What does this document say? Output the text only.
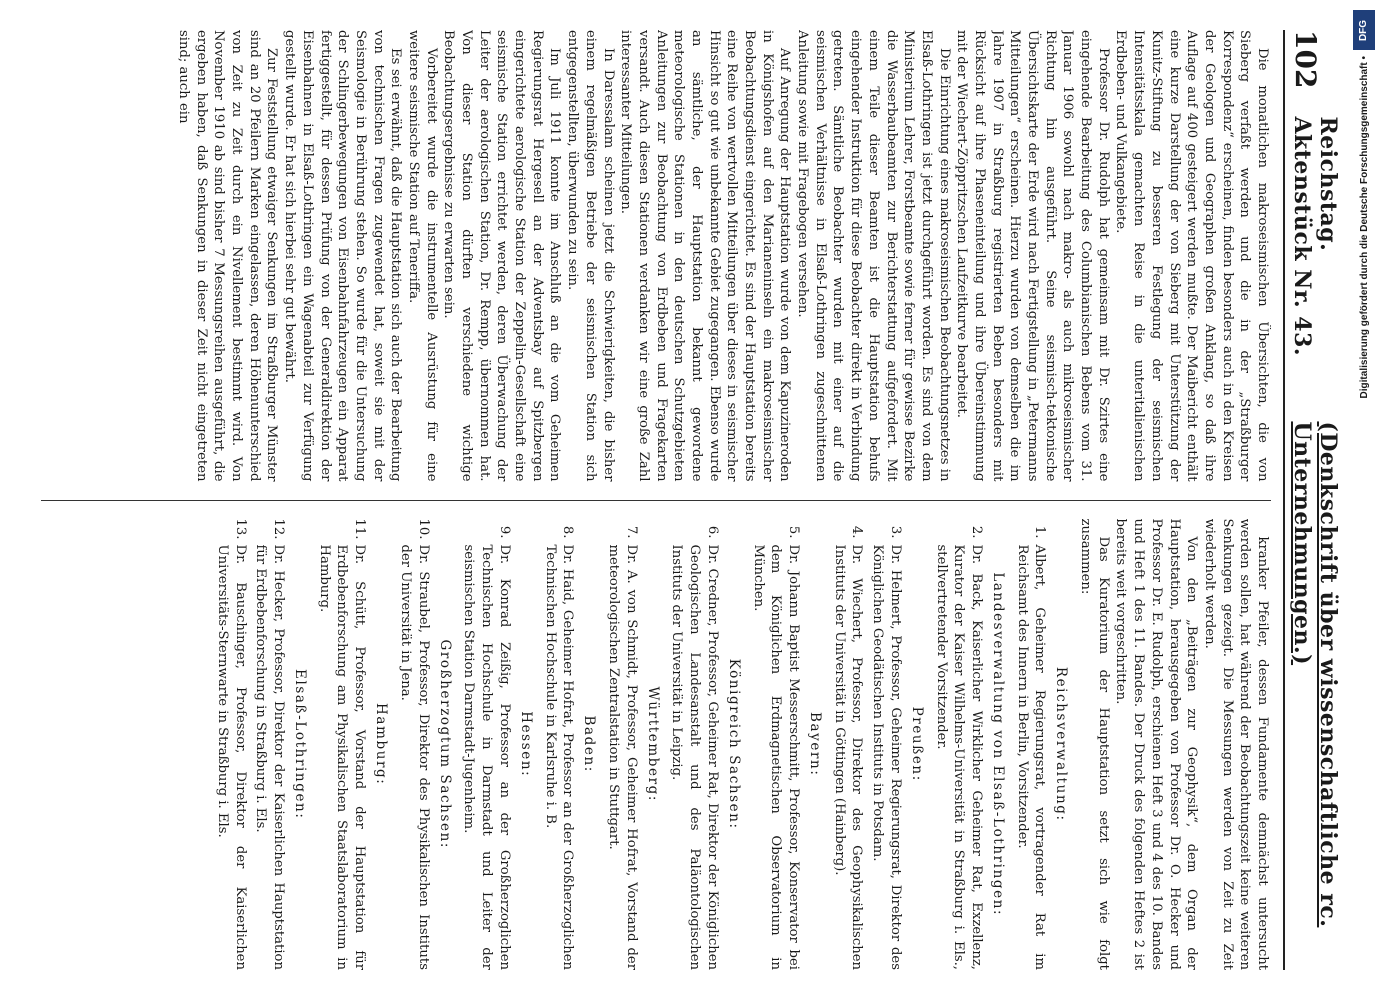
102
Reichstag. Aktenstück Nr. 43.
(Denkschrift über wissenschaftliche rc. Unternehmungen.)

Die monatlichen makroseismischen Übersichten, die von Sieberg verfaßt werden und die in der „Straßburger Korrespondenz“ erscheinen, finden besonders auch in den Kreisen der Geologen und Geographen großen Anklang, so daß ihre Auflage auf 400 gesteigert werden mußte. Der Maibericht enthält eine kurze Darstellung der von Sieberg mit Unterstützung der Kunitz-Stiftung zu besseren Festlegung der seismischen Intensitätsskala gemachten Reise in die unteritalienischen Erdbeben- und Vulkangebiete.

Professor Dr. Rudolph hat gemeinsam mit Dr. Szirtes eine eingehende Bearbeitung des Columbianischen Bebens vom 31. Januar 1906 sowohl nach makro- als auch mikroseismischer Richtung hin ausgeführt. Seine seismisch-tektonische Übersichtskarte der Erde wird nach Fertigstellung in „Petermanns Mitteilungen“ erscheinen. Hierzu wurden von demselben die im Jahre 1907 in Straßburg registrierten Beben besonders mit Rücksicht auf ihre Phaseneinteilung und ihre Übereinstimmung mit der Wiechert-Zöppritzschen Laufzeitkurve bearbeitet.

Die Einrichtung eines makroseismischen Beobachtungsnetzes in Elsaß-Lothringen ist jetzt durchgeführt worden. Es sind von dem Ministerium Lehrer, Forstbeamte sowie ferner für gewisse Bezirke die Wasserbaubeamten zur Berichterstattung aufgefordert. Mit einem Teile dieser Beamten ist die Hauptstation behufs eingehender Instruktion für diese Beobachter direkt in Verbindung getreten. Sämtliche Beobachter wurden mit einer auf die seismischen Verhältnisse in Elsaß-Lothringen zugeschnittenen Anleitung sowie mit Fragebogen versehen.

Auf Anregung der Hauptstation wurde von dem Kapuzineroden in Königshofen auf den Marianeninseln ein makroseismischer Beobachtungsdienst eingerichtet. Es sind der Hauptstation bereits eine Reihe von wertvollen Mitteilungen über dieses in seismischer Hinsicht so gut wie unbekannte Gebiet zugegangen. Ebenso wurde an sämtliche, der Hauptstation bekannt gewordene meteorologische Stationen in den deutschen Schutzgebieten Anleitungen zur Beobachtung von Erdbeben und Fragekarten versandt. Auch diesen Stationen verdanken wir eine große Zahl interessanter Mitteilungen.

In Daressalam scheinen jetzt die Schwierigkeiten, die bisher einem regelmäßigen Betriebe der seismischen Station sich entgegenstellten, überwunden zu sein.

Im Juli 1911 konnte im Anschluß an die vom Geheimen Regierungsrat Hergesell an der Adventsbay auf Spitzbergen eingerichtete aerologische Station der Zeppelin-Gesellschaft eine seismische Station errichtet werden, deren Überwachung der Leiter der aerologischen Station, Dr. Rempp, übernommen hat. Von dieser Station dürften verschiedene wichtige Beobachtungsergebnisse zu erwarten sein.

Vorbereitet wurde die instrumentelle Ausrüstung für eine weitere seismische Station auf Teneriffa.

Es sei erwähnt, daß die Hauptstation sich auch der Bearbeitung von technischen Fragen zugewendet hat, soweit sie mit der Seismologie in Berührung stehen. So wurde für die Untersuchung der Schlingerbewegungen von Eisenbahnfahrzeugen ein Apparat fertiggestellt, für dessen Prüfung von der Generaldirektion der Eisenbahnen in Elsaß-Lothringen ein Wagenabteil zur Verfügung gestellt wurde. Er hat sich hierbei sehr gut bewährt.

Zur Feststellung etwaiger Senkungen im Straßburger Münster sind an 20 Pfeilern Marken eingelassen, deren Höhenunterschied von Zeit zu Zeit durch ein Nivellement bestimmt wird. Von November 1910 ab sind bisher 7 Messungsreihen ausgeführt, die ergeben haben, daß Senkungen in dieser Zeit nicht eingetreten sind; auch ein

kranker Pfeiler, dessen Fundamente demnächst untersucht werden sollen, hat während der Beobachtungszeit keine weiteren Senkungen gezeigt. Die Messungen werden von Zeit zu Zeit wiederholt werden.

Von den „Beiträgen zur Geophysik“, dem Organ der Hauptstation, herausgegeben von Professor Dr. O. Hecker und Professor Dr. E. Rudolph, erschienen Heft 3 und 4 des 10. Bandes und Heft 1 des 11. Bandes. Der Druck des folgenden Heftes 2 ist bereits weit vorgeschritten.

Das Kuratorium der Hauptstation setzt sich wie folgt zusammen:

Reichsverwaltung:
1.
Albert, Geheimer Regierungsrat, vortragender Rat im Reichsamt des Innern in Berlin, Vorsitzender.
Landesverwaltung von Elsaß-Lothringen:
2.
Dr. Back, Kaiserlicher Wirklicher Geheimer Rat, Exzellenz, Kurator der Kaiser Wilhelms-Universität in Straßburg i. Els., stellvertretender Vorsitzender.
Preußen:
3.
Dr. Helmert, Professor, Geheimer Regierungsrat, Direktor des Königlichen Geodätischen Instituts in Potsdam.
4.
Dr. Wiechert, Professor, Direktor des Geophysikalischen Instituts der Universität in Göttingen (Hainberg).
Bayern:
5.
Dr. Johann Baptist Messerschmitt, Professor, Konservator bei dem Königlichen Erdmagnetischen Observatorium in München.
Königreich Sachsen:
6.
Dr. Credner, Professor, Geheimer Rat, Direktor der Königlichen Geologischen Landesanstalt und des Paläontologischen Instituts der Universität in Leipzig.
Württemberg:
7.
Dr. A. von Schmidt, Professor, Geheimer Hofrat, Vorstand der meteorologischen Zentralstation in Stuttgart.
Baden:
8.
Dr. Haid, Geheimer Hofrat, Professor an der Großherzoglichen Technischen Hochschule in Karlsruhe i. B.
Hessen:
9.
Dr. Konrad Zeißig, Professor an der Großherzoglichen Technischen Hochschule in Darmstadt und Leiter der seismischen Station Darmstadt-Jugenheim.
Großherzogtum Sachsen:
10.
Dr. Straubel, Professor, Direktor des Physikalischen Instituts der Universität in Jena.
Hamburg:
11.
Dr. Schütt, Professor, Vorstand der Hauptstation für Erdbebenforschung am Physikalischen Staatslaboratorium in Hamburg.
Elsaß-Lothringen:
12.
Dr. Hecker, Professor, Direktor der Kaiserlichen Hauptstation für Erdbebenforschung in Straßburg i. Els.
13.
Dr. Bauschinger, Professor, Direktor der Kaiserlichen Universitäts-Sternwarte in Straßburg i. Els.
DFG
Digitalisierung gefördert durch die Deutsche Forschungsgemeinschaft •
